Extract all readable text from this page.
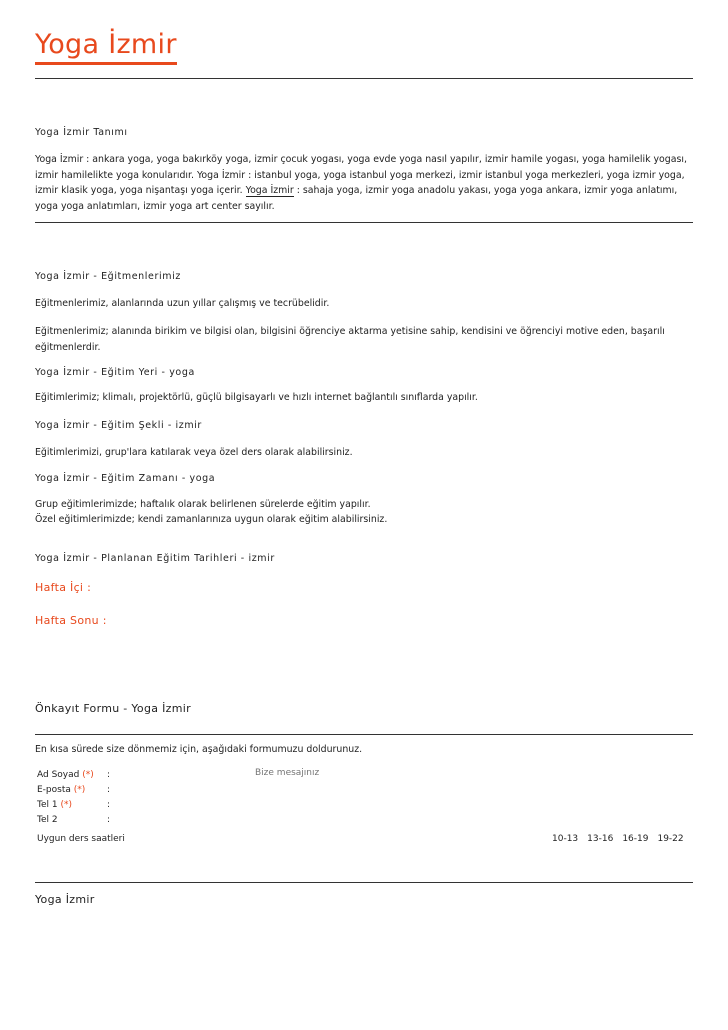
Yoga İzmir
Yoga İzmir Tanımı
Yoga İzmir : ankara yoga, yoga bakırköy yoga, izmir çocuk yogası, yoga evde yoga nasıl yapılır, izmir hamile yogası, yoga hamilelik yogası, izmir hamilelikte yoga konularıdır. Yoga İzmir : istanbul yoga, yoga istanbul yoga merkezi, izmir istanbul yoga merkezleri, yoga izmir yoga, izmir klasik yoga, yoga nişantaşı yoga içerir. Yoga İzmir : sahaja yoga, izmir yoga anadolu yakası, yoga yoga ankara, izmir yoga anlatımı, yoga yoga anlatımları, izmir yoga art center sayılır.
Yoga İzmir - Eğitmenlerimiz
Eğitmenlerimiz, alanlarında uzun yıllar çalışmış ve tecrübelidir.
Eğitmenlerimiz; alanında birikim ve bilgisi olan, bilgisini öğrenciye aktarma yetisine sahip, kendisini ve öğrenciyi motive eden, başarılı eğitmenlerdir.
Yoga İzmir - Eğitim Yeri - yoga
Eğitimlerimiz; klimalı, projektörlü, güçlü bilgisayarlı ve hızlı internet bağlantılı sınıflarda yapılır.
Yoga İzmir - Eğitim Şekli - izmir
Eğitimlerimizi, grup'lara katılarak veya özel ders olarak alabilirsiniz.
Yoga İzmir - Eğitim Zamanı - yoga
Grup eğitimlerimizde; haftalık olarak belirlenen sürelerde eğitim yapılır.
Özel eğitimlerimizde; kendi zamanlarınıza uygun olarak eğitim alabilirsiniz.
Yoga İzmir - Planlanan Eğitim Tarihleri - izmir
Hafta İçi :
Hafta Sonu :
Önkayıt Formu - Yoga İzmir
En kısa sürede size dönmemiz için, aşağıdaki formumuzu doldurunuz.
Ad Soyad (*) :
E-posta (*) :
Tel 1 (*)	:
Tel 2	:
Bize mesajınız
Uygun ders saatleri	10-13 13-16 16-19 19-22
Yoga İzmir
